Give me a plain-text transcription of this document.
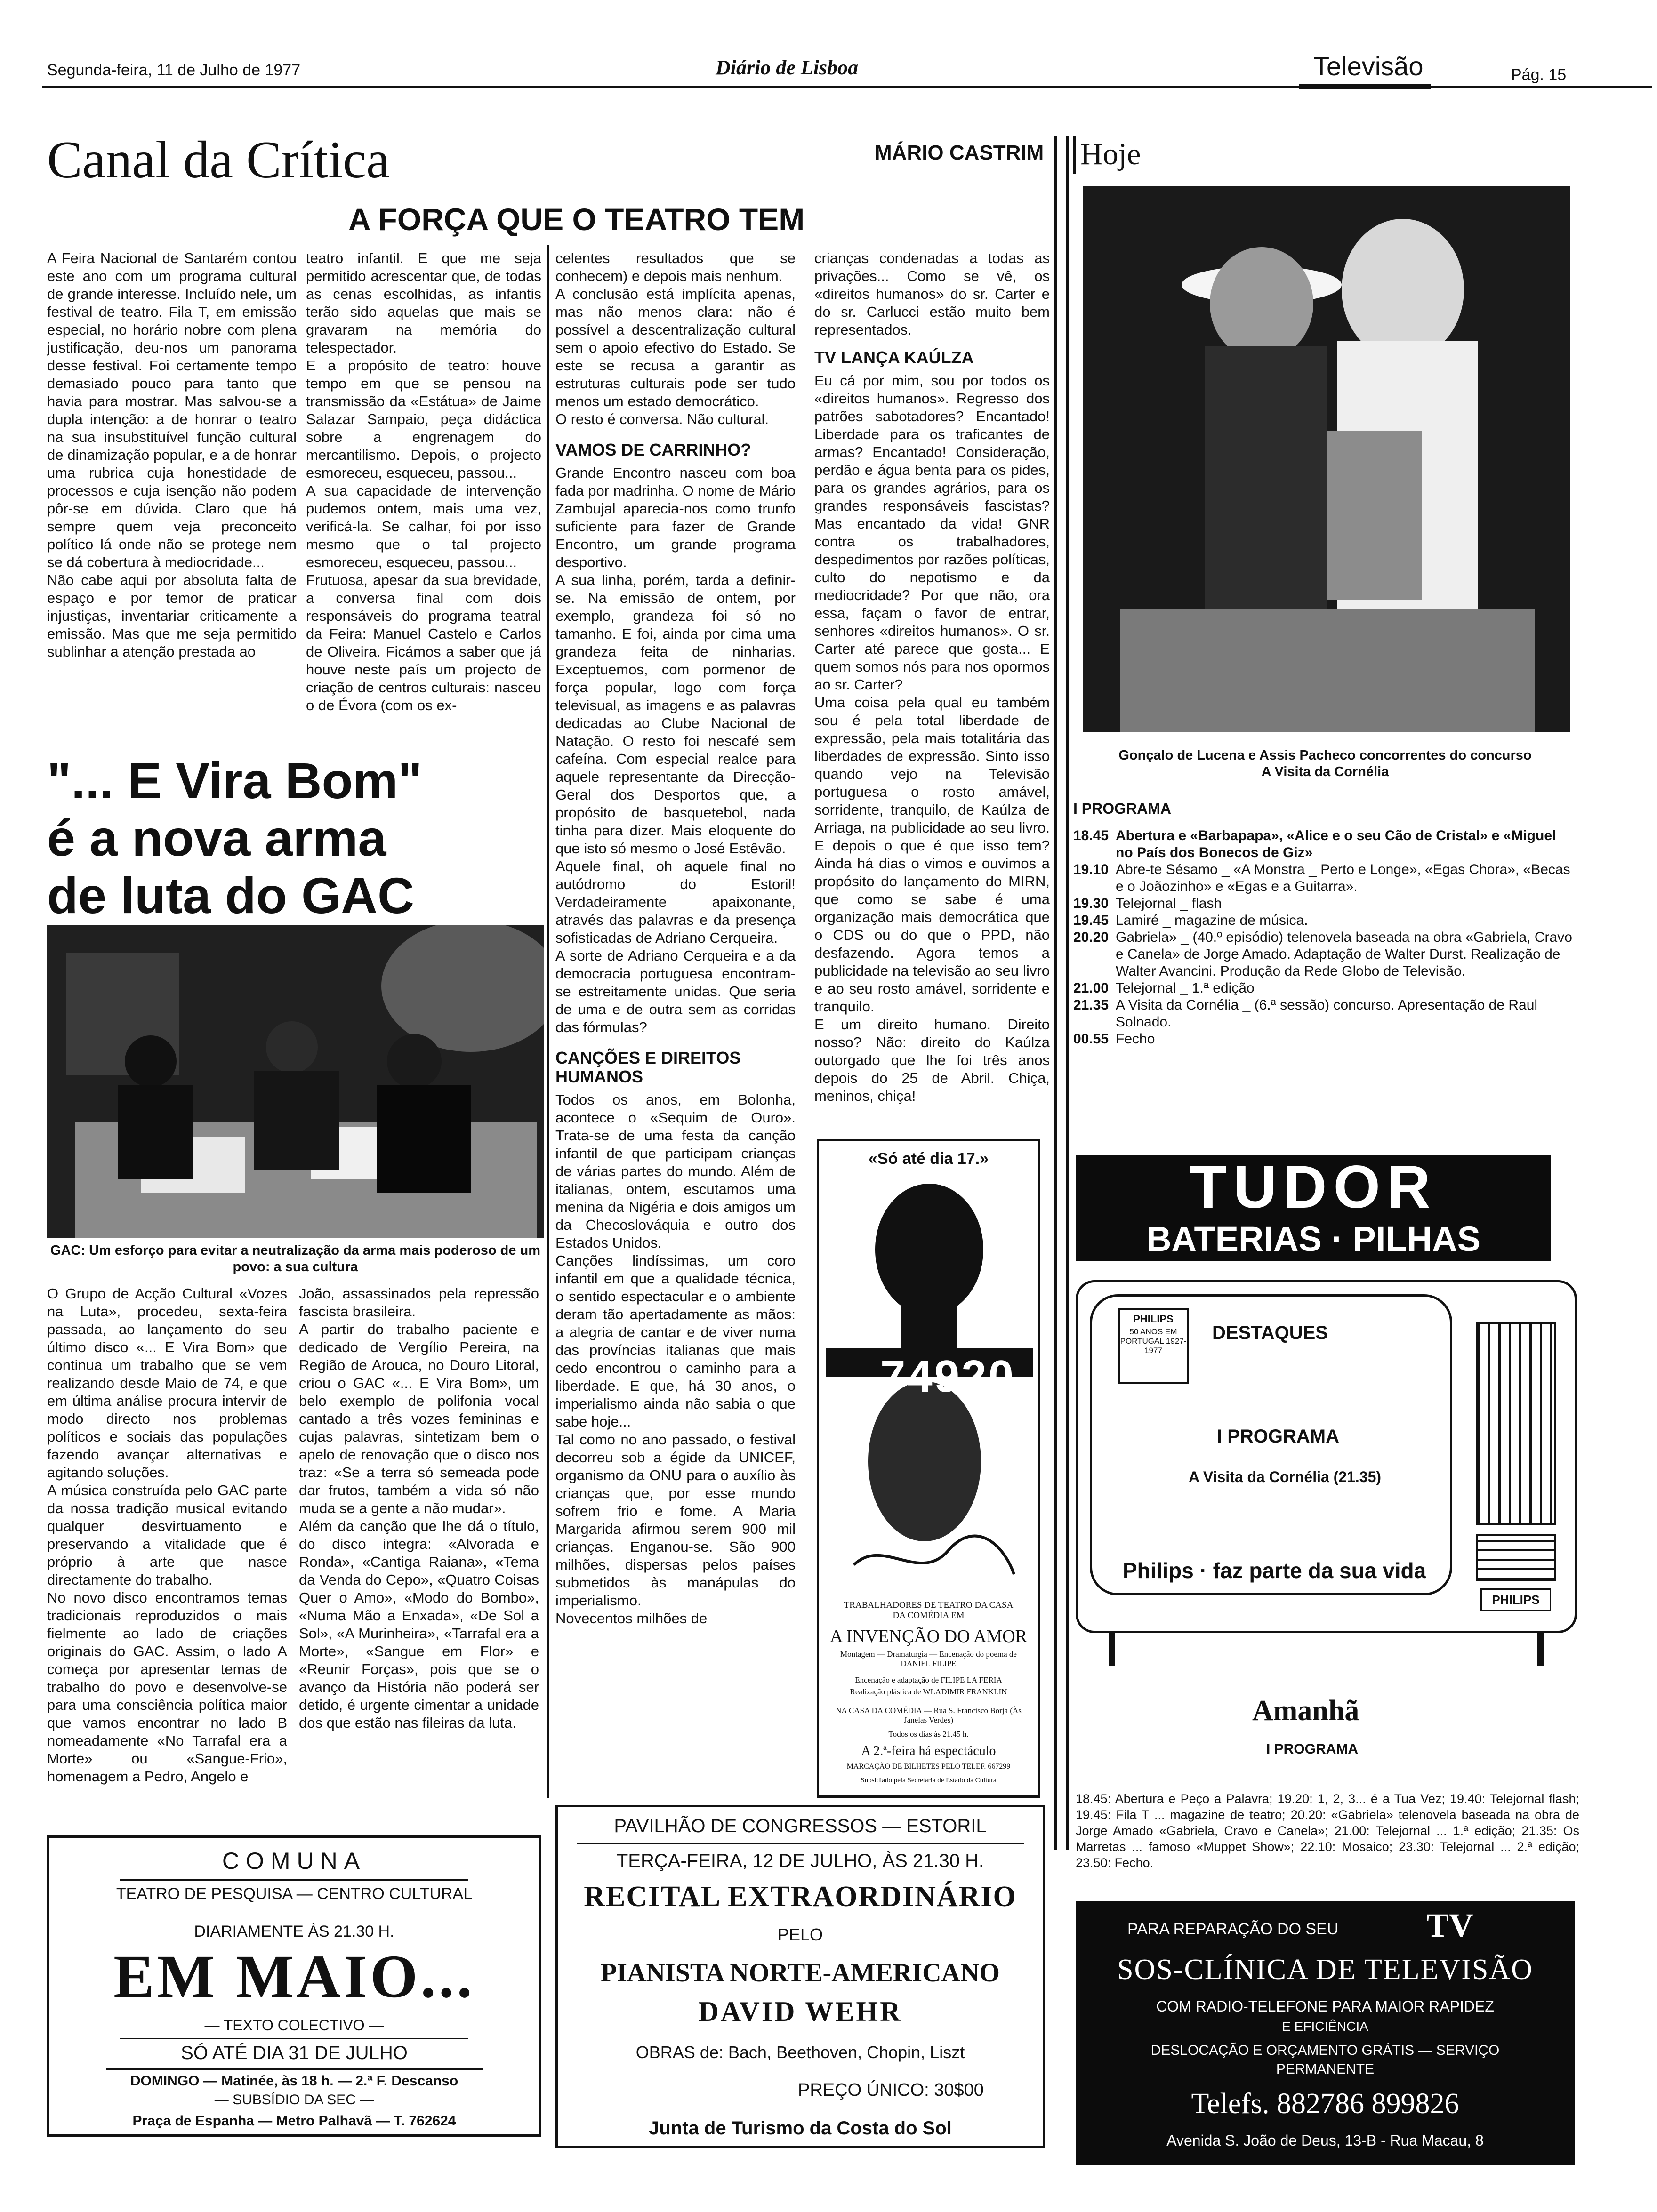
Segunda-feira, 11 de Julho de 1977	Diário de Lisboa	Televisão	Pág. 15
Canal da Crítica	MÁRIO CASTRIM
A FORÇA QUE O TEATRO TEM
A Feira Nacional de Santarém contou este ano com um programa cultural de grande interesse. Incluído nele, um festival de teatro. Fila T, em emissão especial, no horário nobre com plena justificação, deu-nos um panorama desse festival. Foi certamente tempo demasiado pouco para tanto que havia para mostrar. Mas salvou-se a dupla intenção: a de honrar o teatro na sua insubstituível função cultural de dinamização popular, e a de honrar uma rubrica cuja honestidade de processos e cuja isenção não podem pôr-se em dúvida. Claro que há sempre quem veja preconceito político lá onde não se protege nem se dá cobertura à mediocridade...
Não cabe aqui por absoluta falta de espaço e por temor de praticar injustiças, inventariar criticamente a emissão. Mas que me seja permitido sublinhar a atenção prestada ao
teatro infantil. E que me seja permitido acrescentar que, de todas as cenas escolhidas, as infantis terão sido aquelas que mais se gravaram na memória do telespectador.
E a propósito de teatro: houve tempo em que se pensou na transmissão da «Estátua» de Jaime Salazar Sampaio, peça didáctica sobre a engrenagem do mercantilismo. Depois, o projecto esmoreceu, esqueceu, passou...
A sua capacidade de intervenção pudemos ontem, mais uma vez, verificá-la. Se calhar, foi por isso mesmo que o tal projecto esmoreceu, esqueceu, passou...
Frutuosa, apesar da sua brevidade, a conversa final com dois responsáveis do programa teatral da Feira: Manuel Castelo e Carlos de Oliveira. Ficámos a saber que já houve neste país um projecto de criação de centros culturais: nasceu o de Évora (com os ex-
celentes resultados que se conhecem) e depois mais nenhum.
A conclusão está implícita apenas, mas não menos clara: não é possível a descentralização cultural sem o apoio efectivo do Estado. Se este se recusa a garantir as estruturas culturais pode ser tudo menos um estado democrático.
O resto é conversa. Não cultural.
VAMOS DE CARRINHO?
Grande Encontro nasceu com boa fada por madrinha. O nome de Mário Zambujal aparecia-nos como trunfo suficiente para fazer de Grande Encontro, um grande programa desportivo.
A sua linha, porém, tarda a definir-se. Na emissão de ontem, por exemplo, grandeza foi só no tamanho. E foi, ainda por cima uma grandeza feita de ninharias. Exceptuemos, com pormenor de força popular, logo com força televisual, as imagens e as palavras dedicadas ao Clube Nacional de Natação. O resto foi nescafé sem cafeína. Com especial realce para aquele representante da Direcção-Geral dos Desportos que, a propósito de basquetebol, nada tinha para dizer. Mais eloquente do que isto só mesmo o José Estêvão.
Aquele final, oh aquele final no autódromo do Estoril! Verdadeiramente apaixonante, através das palavras e da presença sofisticadas de Adriano Cerqueira.
A sorte de Adriano Cerqueira e a da democracia portuguesa encontram-se estreitamente unidas. Que seria de uma e de outra sem as corridas das fórmulas?
CANÇÕES E DIREITOS HUMANOS
Todos os anos, em Bolonha, acontece o «Sequim de Ouro». Trata-se de uma festa da canção infantil de que participam crianças de várias partes do mundo. Além de italianas, ontem, escutamos uma menina da Nigéria e dois amigos um da Checoslováquia e outro dos Estados Unidos.
Canções lindíssimas, um coro infantil em que a qualidade técnica, o sentido espectacular e o ambiente deram tão apertadamente as mãos: a alegria de cantar e de viver numa das províncias italianas que mais cedo encontrou o caminho para a liberdade. E que, há 30 anos, o imperialismo ainda não sabia o que sabe hoje...
Tal como no ano passado, o festival decorreu sob a égide da UNICEF, organismo da ONU para o auxílio às crianças que, por esse mundo sofrem frio e fome. A Maria Margarida afirmou serem 900 mil crianças. Enganou-se. São 900 milhões, dispersas pelos países submetidos às manápulas do imperialismo.
Novecentos milhões de
crianças condenadas a todas as privações... Como se vê, os «direitos humanos» do sr. Carter e do sr. Carlucci estão muito bem representados.
TV LANÇA KAÚLZA
Eu cá por mim, sou por todos os «direitos humanos». Regresso dos patrões sabotadores? Encantado! Liberdade para os traficantes de armas? Encantado! Consideração, perdão e água benta para os pides, para os grandes agrários, para os grandes responsáveis fascistas? Mas encantado da vida! GNR contra os trabalhadores, despedimentos por razões políticas, culto do nepotismo e da mediocridade? Por que não, ora essa, façam o favor de entrar, senhores «direitos humanos». O sr. Carter até parece que gosta... E quem somos nós para nos opormos ao sr. Carter?
Uma coisa pela qual eu também sou é pela total liberdade de expressão, pela mais totalitária das liberdades de expressão. Sinto isso quando vejo na Televisão portuguesa o rosto amável, sorridente, tranquilo, de Kaúlza de Arriaga, na publicidade ao seu livro. E depois o que é que isso tem? Ainda há dias o vimos e ouvimos a propósito do lançamento do MIRN, que como se sabe é uma organização mais democrática que o CDS ou do que o PPD, não desfazendo. Agora temos a publicidade na televisão ao seu livro e ao seu rosto amável, sorridente e tranquilo.
E um direito humano. Direito nosso? Não: direito do Kaúlza outorgado que lhe foi três anos depois do 25 de Abril. Chiça, meninos, chiça!
"... E Vira Bom"
é a nova arma
de luta do GAC
GAC: Um esforço para evitar a neutralização da arma mais poderoso de um povo: a sua cultura
O Grupo de Acção Cultural «Vozes na Luta», procedeu, sexta-feira passada, ao lançamento do seu último disco «... E Vira Bom» que continua um trabalho que se vem realizando desde Maio de 74, e que em última análise procura intervir de modo directo nos problemas políticos e sociais das populações fazendo avançar alternativas e agitando soluções.
A música construída pelo GAC parte da nossa tradição musical evitando qualquer desvirtuamento e preservando a vitalidade que é próprio à arte que nasce directamente do trabalho.
No novo disco encontramos temas tradicionais reproduzidos o mais fielmente ao lado de criações originais do GAC. Assim, o lado A começa por apresentar temas de trabalho do povo e desenvolve-se para uma consciência política maior que vamos encontrar no lado B nomeadamente «No Tarrafal era a Morte» ou «Sangue-Frio», homenagem a Pedro, Angelo e
João, assassinados pela repressão fascista brasileira.
A partir do trabalho paciente e dedicado de Vergílio Pereira, na Região de Arouca, no Douro Litoral, criou o GAC «... E Vira Bom», um belo exemplo de polifonia vocal cantado a três vozes femininas e cujas palavras, sintetizam bem o apelo de renovação que o disco nos traz: «Se a terra só semeada pode dar frutos, também a vida só não muda se a gente a não mudar».
Além da canção que lhe dá o título, do disco integra: «Alvorada e Ronda», «Cantiga Raiana», «Tema da Venda do Cepo», «Quatro Coisas Quer o Amo», «Modo do Bombo», «Numa Mão a Enxada», «De Sol a Sol», «A Murinheira», «Tarrafal era a Morte», «Sangue em Flor» e «Reunir Forças», pois que se o avanço da História não poderá ser detido, é urgente cimentar a unidade dos que estão nas fileiras da luta.
Hoje
Gonçalo de Lucena e Assis Pacheco concorrentes do concurso
A Visita da Cornélia
I PROGRAMA
18.45 Abertura e «Barbapapa», «Alice e o seu Cão de Cristal» e «Miguel no País dos Bonecos de Giz»
19.10 Abre-te Sésamo _ «A Monstra _ Perto e Longe», «Egas Chora», «Becas e o Joãozinho» e «Egas e a Guitarra».
19.30 Telejornal _ flash
19.45 Lamiré _ magazine de música.
20.20 Gabriela» _ (40.º episódio) telenovela baseada na obra «Gabriela, Cravo e Canela» de Jorge Amado. Adaptação de Walter Durst. Realização de Walter Avancini. Produção da Rede Globo de Televisão.
21.00 Telejornal _ 1.ª edição
21.35 A Visita da Cornélia _ (6.ª sessão) concurso. Apresentação de Raul Solnado.
00.55 Fecho
TUDOR
BATERIAS · PILHAS
PHILIPS
50 ANOS EM PORTUGAL 1927-1977
DESTAQUES
I PROGRAMA
A Visita da Cornélia (21.35)
Philips · faz parte da sua vida
PHILIPS
Amanhã
I PROGRAMA
18.45: Abertura e Peço a Palavra; 19.20: 1, 2, 3... é a Tua Vez; 19.40: Telejornal flash; 19.45: Fila T ... magazine de teatro; 20.20: «Gabriela» telenovela baseada na obra de Jorge Amado «Gabriela, Cravo e Canela»; 21.00: Telejornal ... 1.ª edição; 21.35: Os Marretas ... famoso «Muppet Show»; 22.10: Mosaico; 23.30: Telejornal ... 2.ª edição; 23.50: Fecho.
«Só até dia 17.»
74920
TRABALHADORES DE TEATRO DA CASA DA COMÉDIA EM
A INVENÇÃO DO AMOR
Montagem — Dramaturgia — Encenação do poema de DANIEL FILIPE
Encenação e adaptação de FILIPE LA FERIA
Realização plástica de WLADIMIR FRANKLIN
NA CASA DA COMÉDIA — Rua S. Francisco Borja (Às Janelas Verdes)
Todos os dias às 21.45 h.
A 2.ª-feira há espectáculo
MARCAÇÃO DE BILHETES PELO TELEF. 667299
Subsidiado pela Secretaria de Estado da Cultura
COMUNA
TEATRO DE PESQUISA — CENTRO CULTURAL
DIARIAMENTE ÀS 21.30 H.
EM MAIO...
— TEXTO COLECTIVO —
SÓ ATÉ DIA 31 DE JULHO
DOMINGO — Matinée, às 18 h. — 2.ª F. Descanso
— SUBSÍDIO DA SEC —
Praça de Espanha — Metro Palhavã — T. 762624
PAVILHÃO DE CONGRESSOS — ESTORIL
TERÇA-FEIRA, 12 DE JULHO, ÀS 21.30 H.
RECITAL EXTRAORDINÁRIO
PELO
PIANISTA NORTE-AMERICANO
DAVID WEHR
OBRAS de: Bach, Beethoven, Chopin, Liszt
PREÇO ÚNICO: 30$00
Junta de Turismo da Costa do Sol
PARA REPARAÇÃO DO SEU	TV
SOS-CLÍNICA DE TELEVISÃO
COM RADIO-TELEFONE PARA MAIOR RAPIDEZ
E EFICIÊNCIA
DESLOCAÇÃO E ORÇAMENTO GRÁTIS — SERVIÇO
PERMANENTE
Telefs. 882786 899826
Avenida S. João de Deus, 13-B - Rua Macau, 8
